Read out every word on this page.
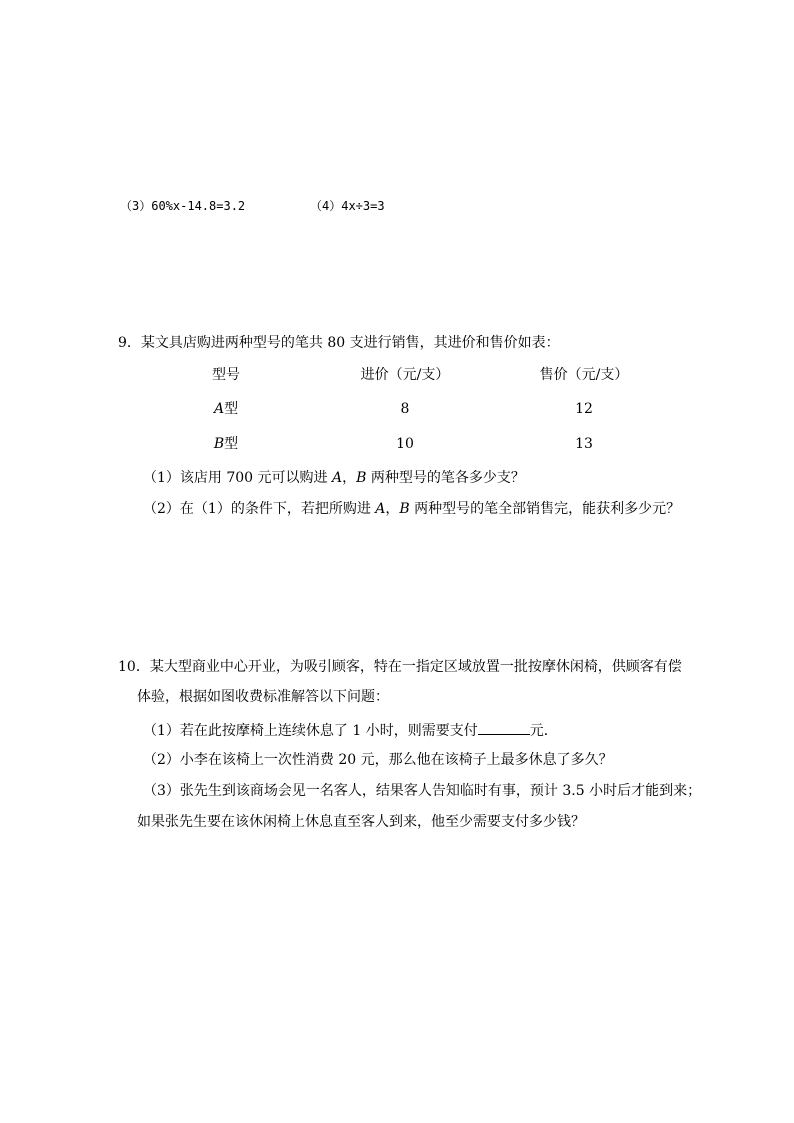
（3）60%x-14.8=3.2	（4）4x÷3=3
9．某文具店购进两种型号的笔共 80 支进行销售，其进价和售价如表：
型号	进价（元/支）	售价（元/支）
A型	8	12
B型	10	13
（1）该店用 700 元可以购进 A，B 两种型号的笔各多少支？
（2）在（1）的条件下，若把所购进 A，B 两种型号的笔全部销售完，能获利多少元？
10．某大型商业中心开业，为吸引顾客，特在一指定区域放置一批按摩休闲椅，供顾客有偿
体验，根据如图收费标准解答以下问题：
（1）若在此按摩椅上连续休息了 1 小时，则需要支付	元．
（2）小李在该椅上一次性消费 20 元，那么他在该椅子上最多休息了多久？
（3）张先生到该商场会见一名客人，结果客人告知临时有事，预计 3.5 小时后才能到来；
如果张先生要在该休闲椅上休息直至客人到来，他至少需要支付多少钱？
